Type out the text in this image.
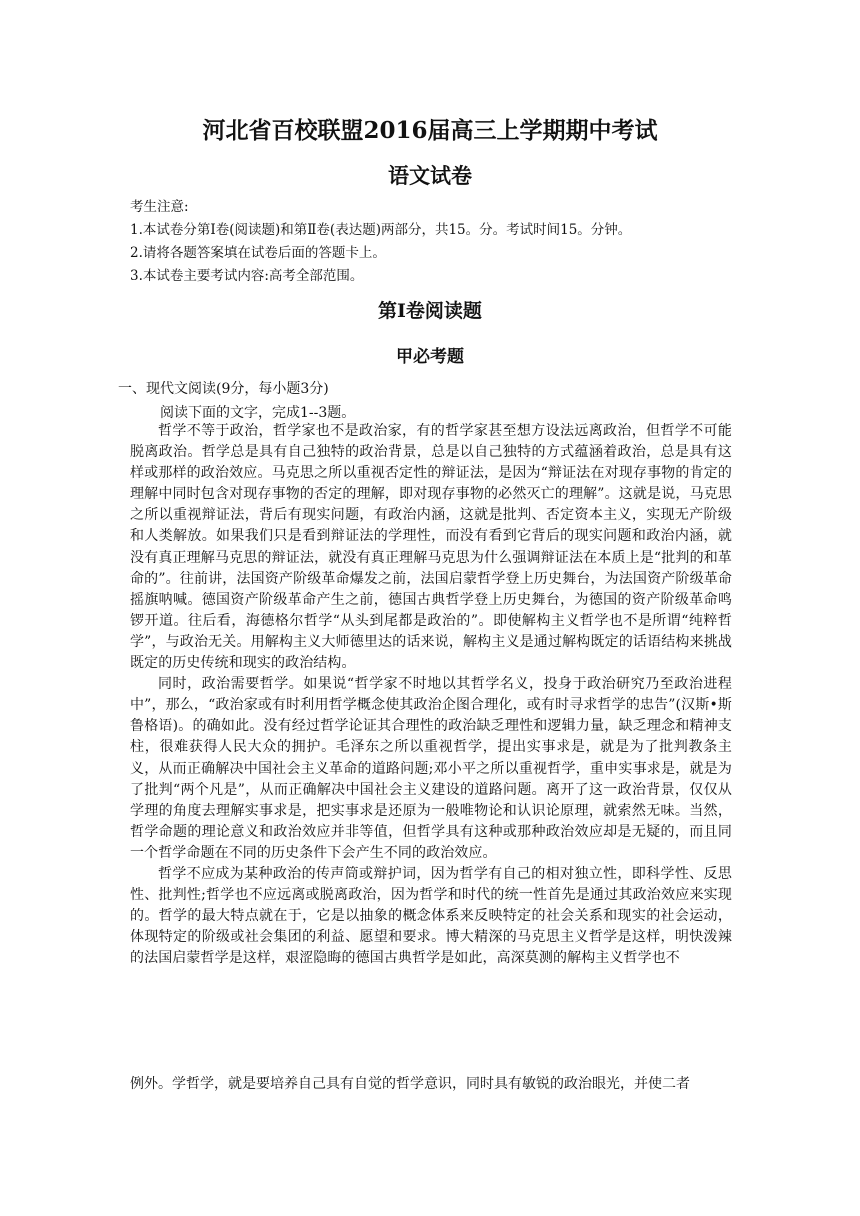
河北省百校联盟2016届高三上学期期中考试
语文试卷
考生注意:
1.本试卷分第Ⅰ卷(阅读题)和第Ⅱ卷(表达题)两部分，共15。分。考试时间15。分钟。
2.请将各题答案填在试卷后面的答题卡上。
3.本试卷主要考试内容:高考全部范围。
第Ⅰ卷阅读题
甲必考题

一、现代文阅读(9分，每小题3分)

阅读下面的文字，完成1--3题。

哲学不等于政治，哲学家也不是政治家，有的哲学家甚至想方设法远离政治，但哲学不可能脱离政治。哲学总是具有自己独特的政治背景，总是以自己独特的方式蕴涵着政治，总是具有这样或那样的政治效应。马克思之所以重视否定性的辩证法，是因为“辩证法在对现存事物的肯定的理解中同时包含对现存事物的否定的理解，即对现存事物的必然灭亡的理解”。这就是说，马克思之所以重视辩证法，背后有现实问题，有政治内涵，这就是批判、否定资本主义，实现无产阶级和人类解放。如果我们只是看到辩证法的学理性，而没有看到它背后的现实问题和政治内涵，就没有真正理解马克思的辩证法，就没有真正理解马克思为什么强调辩证法在本质上是“批判的和革命的”。往前讲，法国资产阶级革命爆发之前，法国启蒙哲学登上历史舞台，为法国资产阶级革命摇旗呐喊。德国资产阶级革命产生之前，德国古典哲学登上历史舞台，为德国的资产阶级革命鸣锣开道。往后看，海德格尔哲学“从头到尾都是政治的”。即使解构主义哲学也不是所谓“纯粹哲学”，与政治无关。用解构主义大师德里达的话来说，解构主义是通过解构既定的话语结构来挑战既定的历史传统和现实的政治结构。

同时，政治需要哲学。如果说“哲学家不时地以其哲学名义，投身于政治研究乃至政治进程中”，那么，“政治家或有时利用哲学概念使其政治企图合理化，或有时寻求哲学的忠告”(汉斯•斯鲁格语)。的确如此。没有经过哲学论证其合理性的政治缺乏理性和逻辑力量，缺乏理念和精神支柱，很难获得人民大众的拥护。毛泽东之所以重视哲学，提出实事求是，就是为了批判教条主义，从而正确解决中国社会主义革命的道路问题;邓小平之所以重视哲学，重申实事求是，就是为了批判“两个凡是”，从而正确解决中国社会主义建设的道路问题。离开了这一政治背景，仅仅从学理的角度去理解实事求是，把实事求是还原为一般唯物论和认识论原理，就索然无味。当然，哲学命题的理论意义和政治效应并非等值，但哲学具有这种或那种政治效应却是无疑的，而且同一个哲学命题在不同的历史条件下会产生不同的政治效应。

哲学不应成为某种政治的传声筒或辩护词，因为哲学有自己的相对独立性，即科学性、反思性、批判性;哲学也不应远离或脱离政治，因为哲学和时代的统一性首先是通过其政治效应来实现的。哲学的最大特点就在于，它是以抽象的概念体系来反映特定的社会关系和现实的社会运动，体现特定的阶级或社会集团的利益、愿望和要求。博大精深的马克思主义哲学是这样，明快泼辣的法国启蒙哲学是这样，艰涩隐晦的德国古典哲学是如此，高深莫测的解构主义哲学也不

例外。学哲学，就是要培养自己具有自觉的哲学意识，同时具有敏锐的政治眼光，并使二者
